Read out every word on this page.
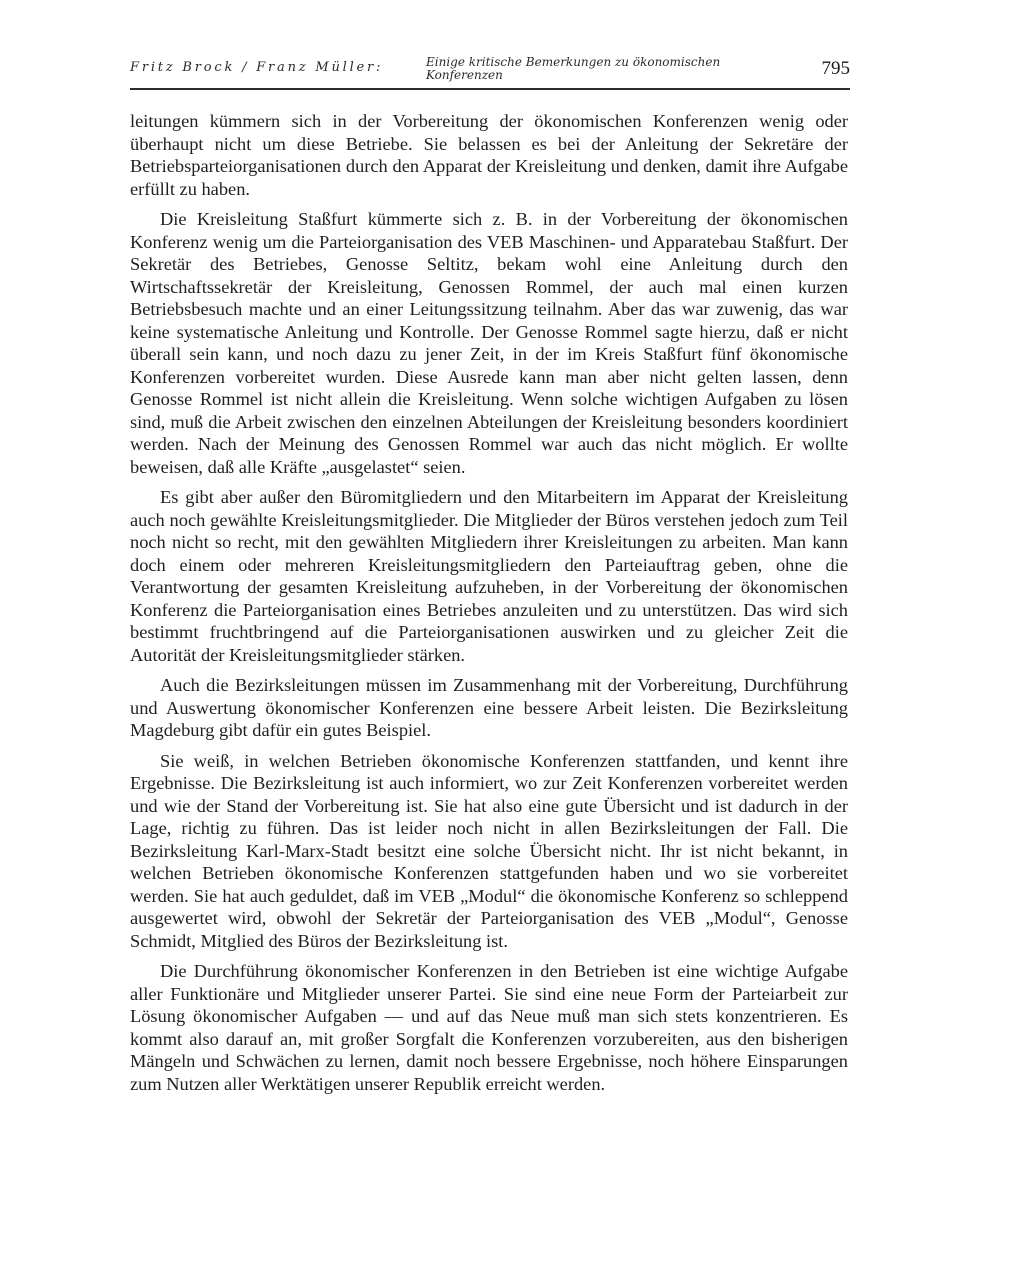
Fritz Brock / Franz Müller:	Einige kritische Bemerkungen zu ökonomischen Konferenzen	795

leitungen kümmern sich in der Vorbereitung der ökonomischen Konferenzen wenig oder überhaupt nicht um diese Betriebe. Sie belassen es bei der Anleitung der Sekretäre der Betriebsparteiorganisationen durch den Apparat der Kreisleitung und denken, damit ihre Aufgabe erfüllt zu haben.

Die Kreisleitung Staßfurt kümmerte sich z. B. in der Vorbereitung der ökonomischen Konferenz wenig um die Parteiorganisation des VEB Maschinen- und Apparatebau Staßfurt. Der Sekretär des Betriebes, Genosse Seltitz, bekam wohl eine Anleitung durch den Wirtschaftssekretär der Kreisleitung, Genossen Rommel, der auch mal einen kurzen Betriebsbesuch machte und an einer Leitungssitzung teilnahm. Aber das war zuwenig, das war keine systematische Anleitung und Kontrolle. Der Genosse Rommel sagte hierzu, daß er nicht überall sein kann, und noch dazu zu jener Zeit, in der im Kreis Staßfurt fünf ökonomische Konferenzen vorbereitet wurden. Diese Ausrede kann man aber nicht gelten lassen, denn Genosse Rommel ist nicht allein die Kreisleitung. Wenn solche wichtigen Aufgaben zu lösen sind, muß die Arbeit zwischen den einzelnen Abteilungen der Kreisleitung besonders koordiniert werden. Nach der Meinung des Genossen Rommel war auch das nicht möglich. Er wollte beweisen, daß alle Kräfte „ausgelastet“ seien.

Es gibt aber außer den Büromitgliedern und den Mitarbeitern im Apparat der Kreisleitung auch noch gewählte Kreisleitungsmitglieder. Die Mitglieder der Büros verstehen jedoch zum Teil noch nicht so recht, mit den gewählten Mitgliedern ihrer Kreisleitungen zu arbeiten. Man kann doch einem oder mehreren Kreisleitungsmitgliedern den Parteiauftrag geben, ohne die Verantwortung der gesamten Kreisleitung aufzuheben, in der Vorbereitung der ökonomischen Konferenz die Parteiorganisation eines Betriebes anzuleiten und zu unterstützen. Das wird sich bestimmt fruchtbringend auf die Parteiorganisationen auswirken und zu gleicher Zeit die Autorität der Kreisleitungsmitglieder stärken.

Auch die Bezirksleitungen müssen im Zusammenhang mit der Vorbereitung, Durchführung und Auswertung ökonomischer Konferenzen eine bessere Arbeit leisten. Die Bezirksleitung Magdeburg gibt dafür ein gutes Beispiel.

Sie weiß, in welchen Betrieben ökonomische Konferenzen stattfanden, und kennt ihre Ergebnisse. Die Bezirksleitung ist auch informiert, wo zur Zeit Konferenzen vorbereitet werden und wie der Stand der Vorbereitung ist. Sie hat also eine gute Übersicht und ist dadurch in der Lage, richtig zu führen. Das ist leider noch nicht in allen Bezirksleitungen der Fall. Die Bezirksleitung Karl-Marx-Stadt besitzt eine solche Übersicht nicht. Ihr ist nicht bekannt, in welchen Betrieben ökonomische Konferenzen stattgefunden haben und wo sie vorbereitet werden. Sie hat auch geduldet, daß im VEB „Modul“ die ökonomische Konferenz so schleppend ausgewertet wird, obwohl der Sekretär der Parteiorganisation des VEB „Modul“, Genosse Schmidt, Mitglied des Büros der Bezirksleitung ist.

Die Durchführung ökonomischer Konferenzen in den Betrieben ist eine wichtige Aufgabe aller Funktionäre und Mitglieder unserer Partei. Sie sind eine neue Form der Parteiarbeit zur Lösung ökonomischer Aufgaben — und auf das Neue muß man sich stets konzentrieren. Es kommt also darauf an, mit großer Sorgfalt die Konferenzen vorzubereiten, aus den bisherigen Mängeln und Schwächen zu lernen, damit noch bessere Ergebnisse, noch höhere Einsparungen zum Nutzen aller Werktätigen unserer Republik erreicht werden.
